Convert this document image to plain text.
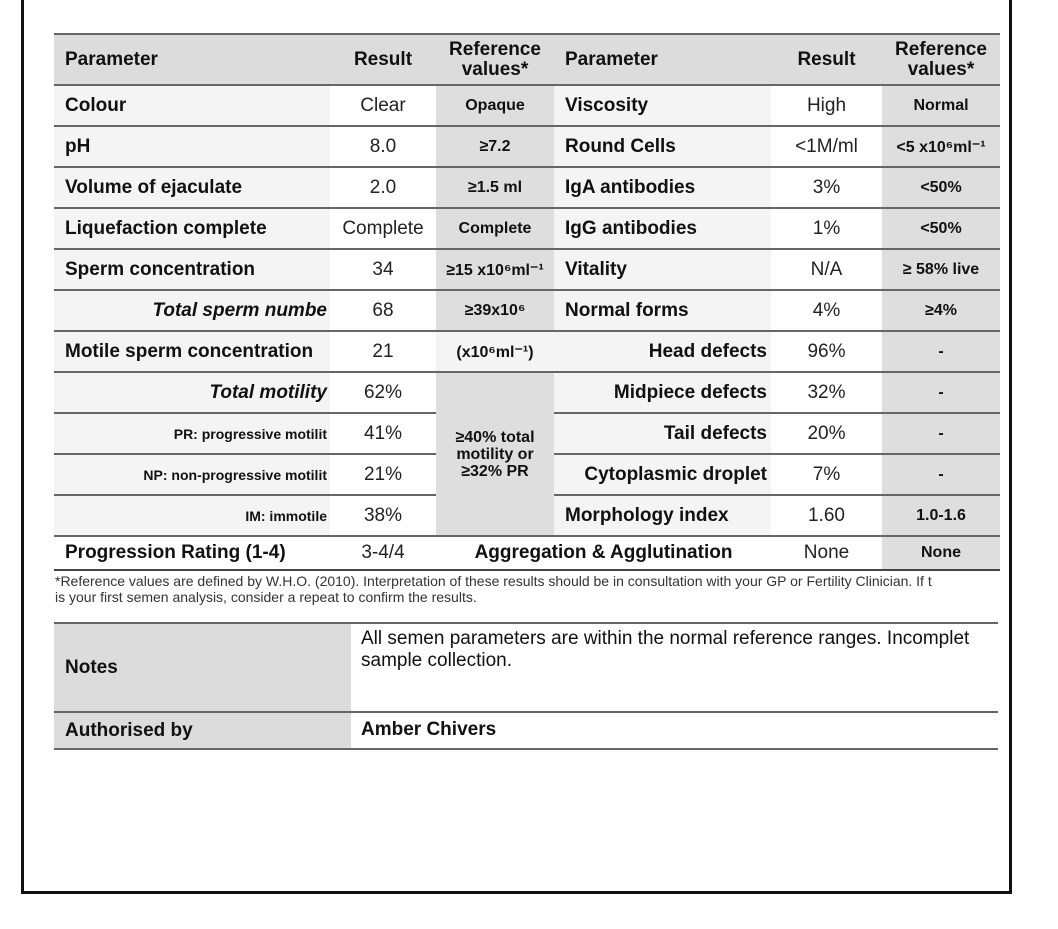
Parameter	Result	Reference values*	Parameter	Result	Reference values*
Colour	Clear	Opaque	Viscosity	High	Normal
pH	8.0	≥7.2	Round Cells	<1M/ml	<5 x10⁶ml⁻¹
Volume of ejaculate	2.0	≥1.5 ml	IgA antibodies	3%	<50%
Liquefaction complete	Complete	Complete	IgG antibodies	1%	<50%
Sperm concentration	34	≥15 x10⁶ml⁻¹	Vitality	N/A	≥ 58% live
Total sperm numbe	68	≥39x10⁶	Normal forms	4%	≥4%
Motile sperm concentration	21	(x10⁶ml⁻¹)	Head defects	96%	-
Total motility	62%	≥40% total motility or ≥32% PR	Midpiece defects	32%	-
PR: progressive motilit	41%		Tail defects	20%	-
NP: non-progressive motilit	21%		Cytoplasmic droplet	7%	-
IM: immotile	38%		Morphology index	1.60	1.0-1.6
Progression Rating (1-4)	3-4/4	Aggregation & Agglutination		None	None
*Reference values are defined by W.H.O. (2010). Interpretation of these results should be in consultation with your GP or Fertility Clinician. If t
is your first semen analysis, consider a repeat to confirm the results.
Notes	All semen parameters are within the normal reference ranges. Incomplet
sample collection.

Authorised by	Amber Chivers
